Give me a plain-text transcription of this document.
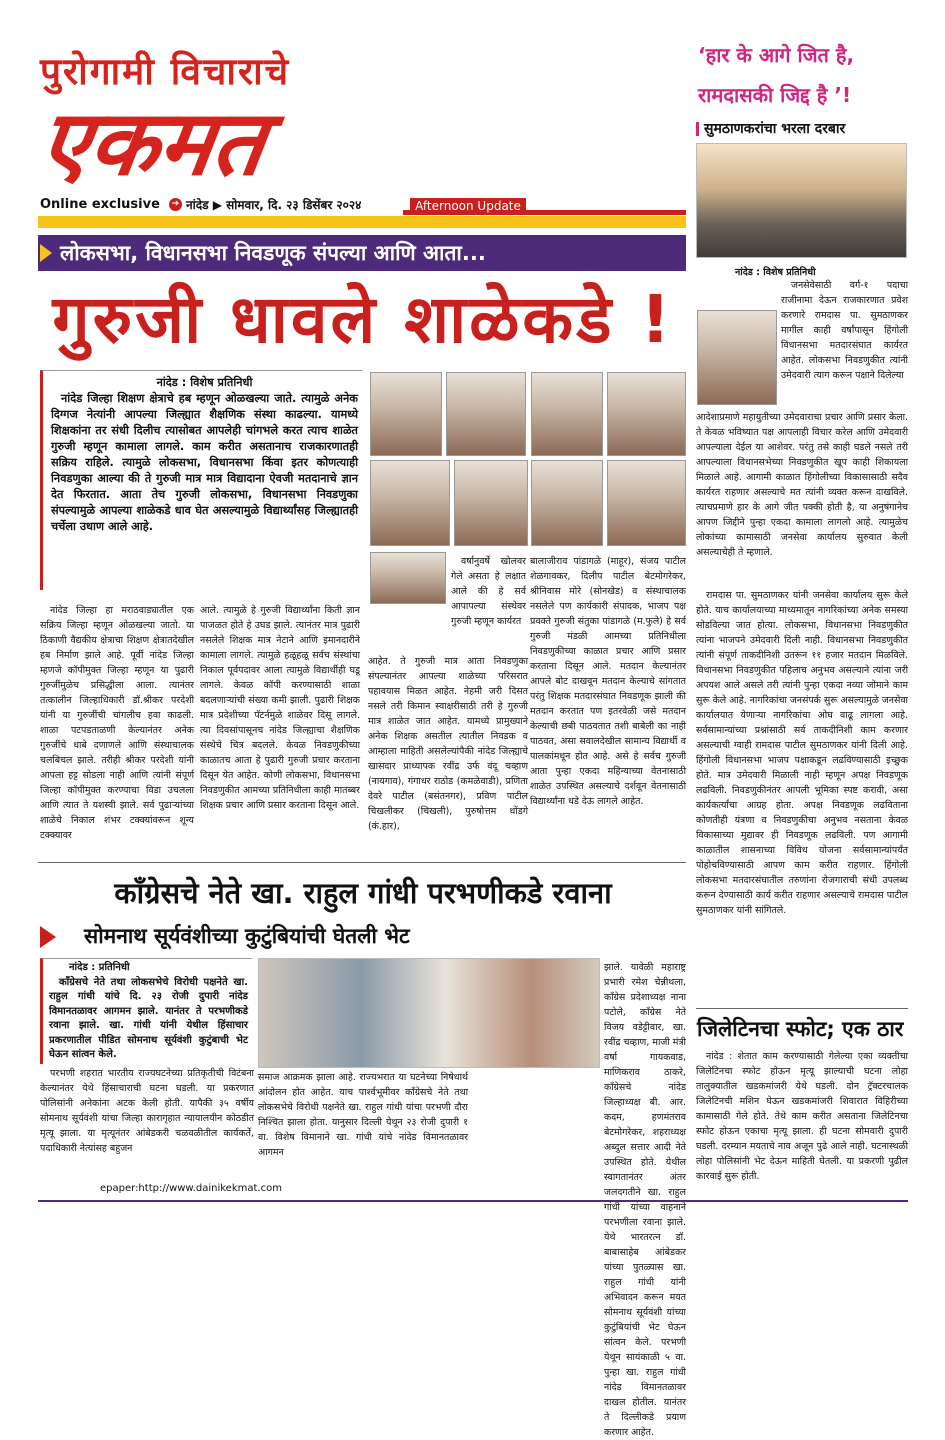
पुरोगामी विचाराचे
एकमत
Online exclusive	➔ नांदेड ▶ सोमवार, दि. २३ डिसेंबर २०२४	Afternoon Update
लोकसभा, विधानसभा निवडणूक संपल्या आणि आता...
गुरुजी धावले शाळेकडे !
नांदेड : विशेष प्रतिनिधी
नांदेड जिल्हा शिक्षण क्षेत्राचे हब म्हणून ओळखल्या जाते. त्यामुळे अनेक दिग्गज नेत्यांनी आपल्या जिल्ह्यात शैक्षणिक संस्था काढल्या. यामध्ये शिक्षकांना तर संधी दिलीच त्यासोबत आपलेही चांगभले करत त्याच शाळेत गुरुजी म्हणून कामाला लागले. काम करीत असतानाच राजकारणातही सक्रिय राहिले. त्यामुळे लोकसभा, विधानसभा किंवा इतर कोणत्याही निवडणुका आल्या की ते गुरुजी मात्र मात्र विद्यादाना ऐवजी मतदानाचे ज्ञान देत फिरतात. आता तेच गुरुजी लोकसभा, विधानसभा निवडणुका संपल्यामुळे आपल्या शाळेकडे धाव घेत असल्यामुळे विद्यार्थ्यांसह जिल्ह्यातही चर्चेला उधाण आले आहे.

नांदेड जिल्हा हा मराठवाड्यातील एक सक्रिय जिल्हा म्हणून ओळखल्या जातो. या ठिकाणी वैद्यकीय क्षेत्राचा शिक्षण क्षेत्रातदेखील हब निर्माण झाले आहे. पूर्वी नांदेड जिल्हा म्हणजे कॉपीमुक्त जिल्हा म्हणून या पुढारी गुरुजींमुळेच प्रसिद्धीला आला. त्यानंतर तत्कालीन जिल्हाधिकारी डॉ.श्रीकर परदेशी यांनी या गुरुजींची चांगलीच हवा काढली. शाळा पटपडताळणी केल्यानंतर अनेक गुरुजींचे धाबे दणाणले आणि संस्थाचालक चलबिचल झाले. तरीही श्रीकर परदेशी यांनी आपला हट्ट सोडला नाही आणि त्यांनी संपूर्ण जिल्हा कॉपीमुक्त करण्याचा विडा उचलला आणि त्यात ते यशस्वी झाले. सर्व पुढाऱ्यांच्या शाळेचे निकाल शंभर टक्क्यांवरून शून्य टक्क्यावर

आले. त्यामुळे हे गुरुजी विद्यार्थ्यांना किती ज्ञान पाजळत होते हे उघड झाले. त्यानंतर मात्र पुढारी नसलेले शिक्षक मात्र नेटाने आणि इमानदारीने कामाला लागले. त्यामुळे हळूहळू सर्वच संस्थांचा निकाल पूर्वपदावर आला त्यामुळे विद्यार्थीही घडू लागले. केवळ कॉपी करण्यासाठी शाळा बदलणाऱ्यांची संख्या कमी झाली. पुढारी शिक्षक मात्र प्रदेशीच्या पॅटर्नमुळे शाळेवर दिसू लागले. त्या दिवसांपासूनच नांदेड जिल्ह्याचा शैक्षणिक संस्थेचे चित्र बदलले. केवळ निवडणुकीच्या काळातच आता हे पुढारी गुरुजी प्रचार करताना दिसून येत आहेत. कोणी लोकसभा, विधानसभा निवडणुकीत आमच्या प्रतिनिधीला काही मातब्बर शिक्षक प्रचार आणि प्रसार करताना दिसून आले.

वर्षानुवर्षे खोलवर गेले असता हे लक्षात आले की हे सर्व आपापल्या संस्थेवर गुरुजी म्हणून कार्यरत

आहेत. ते गुरुजी मात्र आता निवडणुका संपल्यानंतर आपल्या शाळेच्या परिसरात पहावयास मिळत आहेत. नेहमी जरी दिसत नसले तरी किमान स्वाक्षरीसाठी तरी हे गुरुजी मात्र शाळेत जात आहेत. यामध्ये प्रामुख्याने अनेक शिक्षक असतील त्यातील निवडक व आम्हाला माहिती असलेल्यांपैकी नांदेड जिल्ह्याचे खासदार प्राध्यापक रवींद्र उर्फ वंदू चव्हाण (नायगाव), गंगाधर राठोड (कमळेवाडी), प्रणिता देवरे पाटील (बसंतनगर), प्रविण पाटील चिखलीकर (चिखली), पुरुषोत्तम धोंडगे (कं.हार),

बालाजीराव पांडागळे (माहूर), संजय पाटील शेळगावकर, दिलीप पाटील बेटमोगरेकर, श्रीनिवास मोरे (सोनखेड) व संस्थाचालक नसलेले पण कार्यकारी संपादक, भाजप पक्ष प्रवक्ते गुरुजी संतुका पांडागळे (म.फुले) हे सर्व गुरुजी मंडळी आमच्या प्रतिनिधीला निवडणुकीच्या काळात प्रचार आणि प्रसार करताना दिसून आले. मतदान केल्यानंतर आपले बोट दाखवून मतदान केल्याचे सांगतात परंतु शिक्षक मतदारसंघात निवडणूक झाली की मतदान करतात पण इतरवेळी जसे मतदान केल्याची छबी पाठवतात तशी बाबेली का नाही पाठवत, असा सवालदेखील सामान्य विद्यार्थी व पालकांमधून होत आहे. असे हे सर्वच गुरुजी आता पुन्हा एकदा महिन्याच्या वेतनासाठी शाळेत उपस्थित असल्याचे दर्शवून वेतनासाठी विद्यार्थ्यांना धडे देऊ लागले आहेत.

काँग्रेसचे नेते खा. राहुल गांधी परभणीकडे रवाना
सोमनाथ सूर्यवंशीच्या कुटुंबियांची घेतली भेट
नांदेड : प्रतिनिधी
काँग्रेसचे नेते तथा लोकसभेचे विरोधी पक्षनेते खा. राहुल गांधी यांचे दि. २३ रोजी दुपारी नांदेड विमानतळावर आगमन झाले. यानंतर ते परभणीकडे रवाना झाले. खा. गांधी यांनी येथील हिंसाचार प्रकरणातील पीडित सोमनाथ सूर्यवंशी कुटुंबाची भेट घेऊन सांत्वन केले.

परभणी शहरात भारतीय राज्यघटनेच्या प्रतिकृतीची विटंबना केल्यानंतर येथे हिंसाचाराची घटना घडली. या प्रकरणात पोलिसांनी अनेकांना अटक केली होती. यापैकी ३५ वर्षीय सोमनाथ सूर्यवंशी यांचा जिल्हा कारागृहात न्यायालयीन कोठडीत मृत्यू झाला. या मृत्यूनंतर आंबेडकरी चळवळीतील कार्यकर्ते, पदाधिकारी नेत्यांसह बहुजन

समाज आक्रमक झाला आहे. राज्यभरात या घटनेच्या निषेधार्थ आंदोलन होत आहेत. याच पार्श्वभूमीवर काँग्रेसचे नेते तथा लोकसभेचे विरोधी पक्षनेते खा. राहुल गांधी यांचा परभणी दौरा निश्चित झाला होता. यानुसार दिल्ली येथून २३ रोजी दुपारी १ वा. विशेष विमानाने खा. गांधी यांचे नांदेड विमानतळावर आगमन

झाले. यावेळी महाराष्ट्र प्रभारी रमेश चेन्नीथला, काँग्रेस प्रदेशाध्यक्ष नाना पटोले, काँग्रेस नेते विजय वडेट्टीवार, खा. रवींद्र चव्हाण, माजी मंत्री वर्षा गायकवाड, माणिकराव ठाकरे, काँग्रेसचे नांदेड जिल्हाध्यक्ष बी. आर. कदम, हणमंतराव बेटमोगरेकर, शहराध्यक्ष अब्दुल सत्तार आदी नेते उपस्थित होते. येथील स्वागतानंतर अंतर जलदगतीने खा. राहुल गांधी यांच्या वाहनाने परभणीला रवाना झाले. येथे भारतरत्न डॉ. बाबासाहेब आंबेडकर यांच्या पुतळ्यास खा. राहुल गांधी यांनी अभिवादन करून मयत सोमनाथ सूर्यवंशी यांच्या कुटुंबियांची भेट घेऊन सांत्वन केले. परभणी येथून सायंकाळी ५ वा. पुन्हा खा. राहुल गांधी नांदेड विमानतळावर दाखल होतील. यानंतर ते दिल्लीकडे प्रयाण करणार आहेत.

‘हार के आगे जित है,
रामदासकी जिद्द है ’!
सुमठाणकरांचा भरला दरबार
नांदेड : विशेष प्रतिनिधी

जनसेवेसाठी वर्ग-१ पदाचा राजीनामा देऊन राजकारणात प्रवेश करणारे रामदास पा. सुमठाणकर मागील काही वर्षांपासून हिंगोली विधानसभा मतदारसंघात कार्यरत आहेत. लोकसभा निवडणुकीत त्यांनी उमेदवारी त्याग करून पक्षाने दिलेल्या

आदेशाप्रमाणे महायुतीच्या उमेदवाराचा प्रचार आणि प्रसार केला. ते केवळ भविष्यात पक्ष आपलाही विचार करेल आणि उमेदवारी आपल्याला देईल या आशेवर. परंतु तसे काही घडले नसले तरी आपल्याला विधानसभेच्या निवडणुकीत खूप काही शिकायला मिळाले आहे. आगामी काळात हिंगोलीच्या विकासासाठी सदैव कार्यरत राहणार असल्याचे मत त्यांनी व्यक्त करून दाखविले. त्याचप्रमाणे हार के आगे जीत पक्की होती है, या अनुषंगानेच आपण जिद्दीने पुन्हा एकदा कामाला लागलो आहे. त्यामुळेच लोकांच्या कामासाठी जनसेवा कार्यालय सुरुवात केली असल्याचेही ते म्हणाले.

रामदास पा. सुमठाणकर यांनी जनसेवा कार्यालय सुरू केले होते. याच कार्यालयाच्या माध्यमातून नागरिकांच्या अनेक समस्या सोडविल्या जात होत्या. लोकसभा, विधानसभा निवडणुकीत त्यांना भाजपने उमेदवारी दिली नाही. विधानसभा निवडणुकीत त्यांनी संपूर्ण ताकदीनिशी उतरून ११ हजार मतदान मिळविले. विधानसभा निवडणुकीत पहिलाच अनुभव असल्याने त्यांना जरी अपयश आले असले तरी त्यांनी पुन्हा एकदा नव्या जोमाने काम सुरू केले आहे. नागरिकांचा जनसंपर्क सुरू असल्यामुळे जनसेवा कार्यालयात येणाऱ्या नागरिकांचा ओघ वाढू लागला आहे. सर्वसामान्यांच्या प्रश्नांसाठी सर्व ताकदीनिशी काम करणार असल्याची ग्वाही रामदास पाटील सुमठाणकर यांनी दिली आहे. हिंगोली विधानसभा भाजप पक्षाकडून लढविण्यासाठी इच्छुक होते. मात्र उमेदवारी मिळाली नाही म्हणून अपक्ष निवडणूक लढविली. निवडणुकीनंतर आपली भूमिका स्पष्ट करावी, असा कार्यकर्त्यांचा आग्रह होता. अपक्ष निवडणूक लढविताना कोणतीही यंत्रणा व निवडणुकीचा अनुभव नसताना केवळ विकासाच्या मुद्यावर ही निवडणूक लढविली. पण आगामी काळातील शासनाच्या विविध योजना सर्वसामान्यांपर्यंत पोहोचविण्यासाठी आपण काम करीत राहणार. हिंगोली लोकसभा मतदारसंघातील तरुणांना रोजगाराची संधी उपलब्ध करून देण्यासाठी कार्य करीत राहणार असल्याचे रामदास पाटील सुमठाणकर यांनी सांगितले.

जिलेटिनचा स्फोट; एक ठार

नांदेड : शेतात काम करण्यासाठी गेलेल्या एका व्यक्तीचा जिलेटिनचा स्फोट होऊन मृत्यू झाल्याची घटना लोहा तालुक्यातील खडकमांजरी येथे घडली. दोन ट्रॅक्टरचालक जिलेटिनची मशिन घेऊन खडकमांजरी शिवारात विहिरीच्या कामासाठी गेले होते. तेथे काम करीत असताना जिलेटिनचा स्फोट होऊन एकाचा मृत्यू झाला. ही घटना सोमवारी दुपारी घडली. दरम्यान मयताचे नाव अजून पुढे आले नाही. घटनास्थळी लोहा पोलिसांनी भेट देऊन माहिती घेतली. या प्रकरणी पुढील कारवाई सुरू होती.

epaper:http://www.dainikekmat.com
